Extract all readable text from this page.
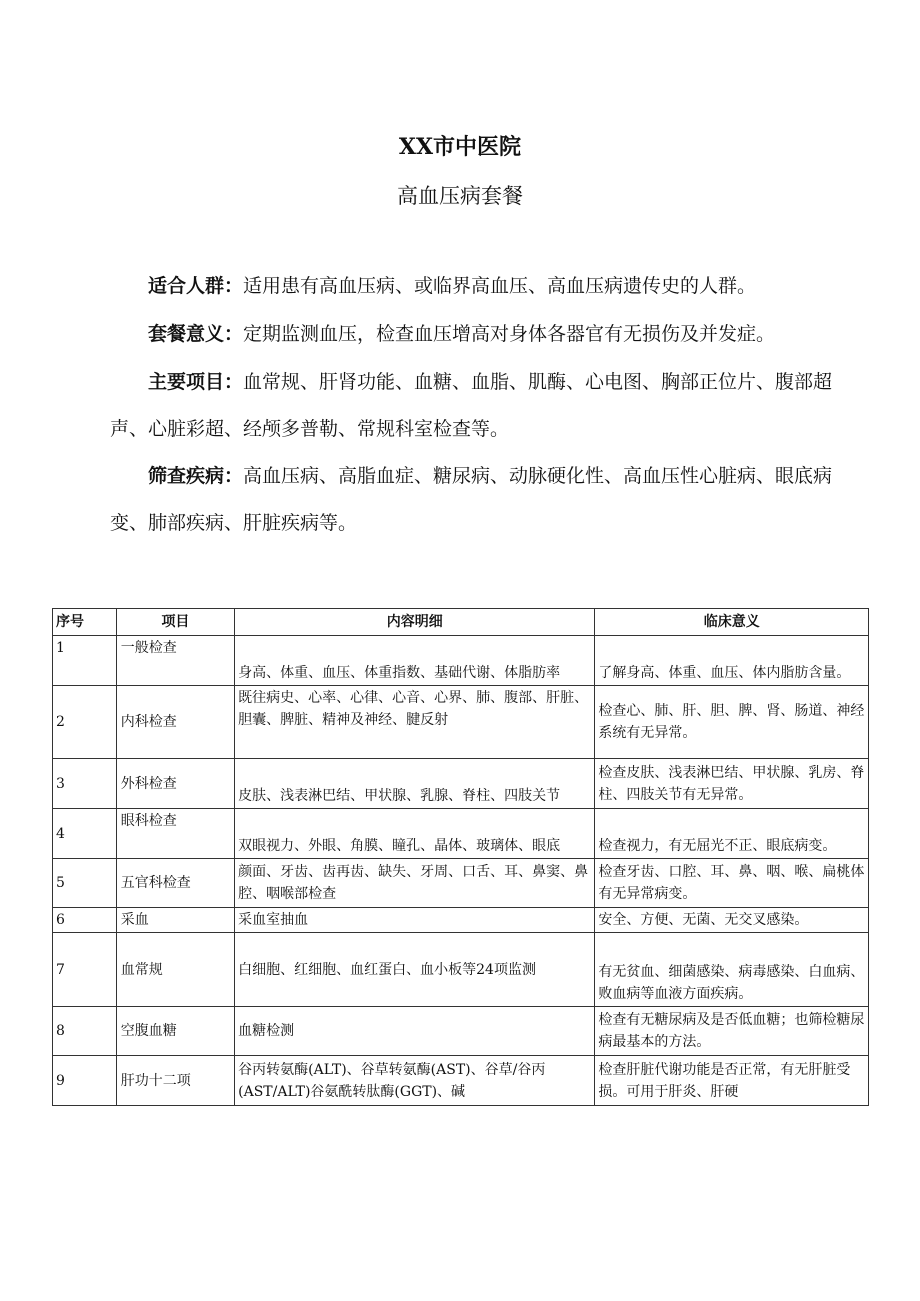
XX市中医院
高血压病套餐
适合人群：适用患有高血压病、或临界高血压、高血压病遗传史的人群。
套餐意义：定期监测血压，检查血压增高对身体各器官有无损伤及并发症。
主要项目：血常规、肝肾功能、血糖、血脂、肌酶、心电图、胸部正位片、腹部超声、心脏彩超、经颅多普勒、常规科室检查等。
筛查疾病：高血压病、高脂血症、糖尿病、动脉硬化性、高血压性心脏病、眼底病变、肺部疾病、肝脏疾病等。
序号	项目	内容明细	临床意义
1	一般检查	身高、体重、血压、体重指数、基础代谢、体脂肪率	了解身高、体重、血压、体内脂肪含量。
2	内科检查	既往病史、心率、心律、心音、心界、肺、腹部、肝脏、胆囊、脾脏、精神及神经、腱反射	检查心、肺、肝、胆、脾、肾、肠道、神经系统有无异常。
3	外科检查	皮肤、浅表淋巴结、甲状腺、乳腺、脊柱、四肢关节	检查皮肤、浅表淋巴结、甲状腺、乳房、脊柱、四肢关节有无异常。
4	眼科检查	双眼视力、外眼、角膜、瞳孔、晶体、玻璃体、眼底	检查视力，有无屈光不正、眼底病变。
5	五官科检查	颜面、牙齿、齿再齿、缺失、牙周、口舌、耳、鼻窦、鼻腔、咽喉部检查	检查牙齿、口腔、耳、鼻、咽、喉、扁桃体有无异常病变。
6	采血	采血室抽血	安全、方便、无菌、无交叉感染。
7	血常规	白细胞、红细胞、血红蛋白、血小板等24项监测	有无贫血、细菌感染、病毒感染、白血病、败血病等血液方面疾病。
8	空腹血糖	血糖检测	检查有无糖尿病及是否低血糖；也筛检糖尿病最基本的方法。
9	肝功十二项	谷丙转氨酶(ALT)、谷草转氨酶(AST)、谷草/谷丙(AST/ALT)谷氨酰转肽酶(GGT)、碱	检查肝脏代谢功能是否正常，有无肝脏受损。可用于肝炎、肝硬
